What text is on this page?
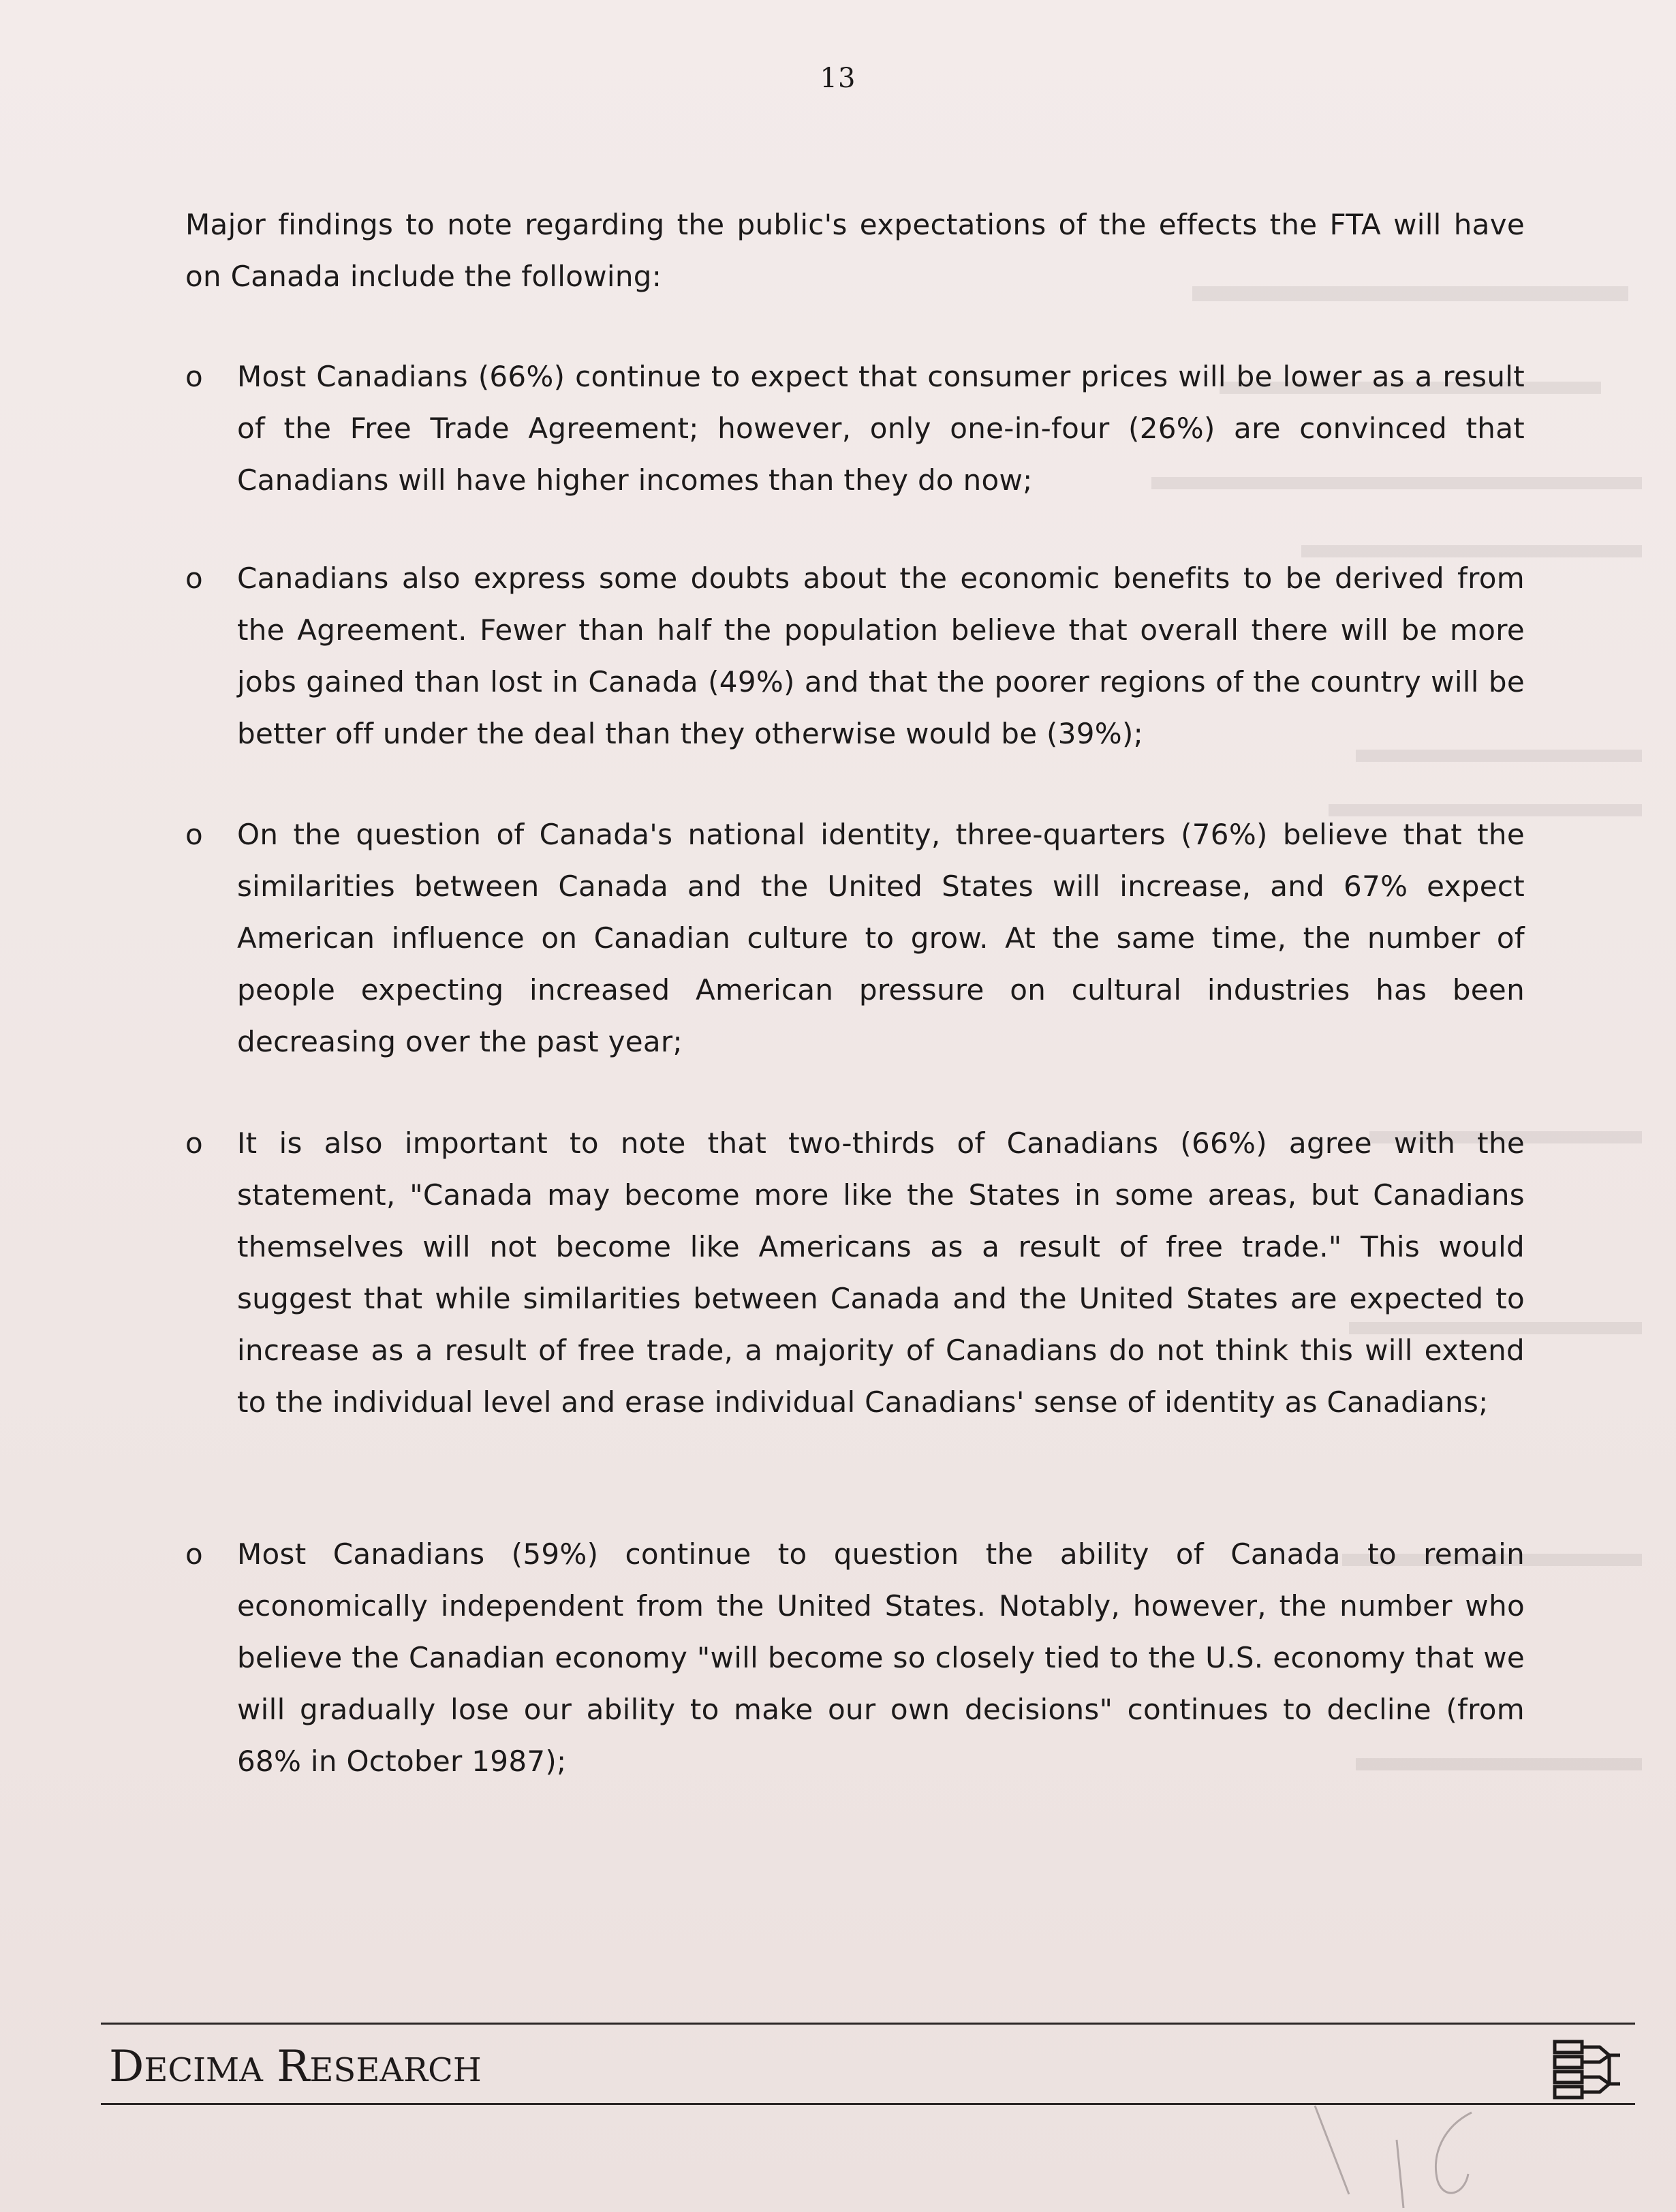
13

Major findings to note regarding the public's expectations of the effects the FTA will have on Canada include the following:

o	Most Canadians (66%) continue to expect that consumer prices will be lower as a result of the Free Trade Agreement; however, only one-in-four (26%) are convinced that Canadians will have higher incomes than they do now;

o	Canadians also express some doubts about the economic benefits to be derived from the Agreement. Fewer than half the population believe that overall there will be more jobs gained than lost in Canada (49%) and that the poorer regions of the country will be better off under the deal than they otherwise would be (39%);

o	On the question of Canada's national identity, three-quarters (76%) believe that the similarities between Canada and the United States will increase, and 67% expect American influence on Canadian culture to grow. At the same time, the number of people expecting increased American pressure on cultural industries has been decreasing over the past year;

o	It is also important to note that two-thirds of Canadians (66%) agree with the statement, "Canada may become more like the States in some areas, but Canadians themselves will not become like Americans as a result of free trade." This would suggest that while similarities between Canada and the United States are expected to increase as a result of free trade, a majority of Canadians do not think this will extend to the individual level and erase individual Canadians' sense of identity as Canadians;

o	Most Canadians (59%) continue to question the ability of Canada to remain economically independent from the United States. Notably, however, the number who believe the Canadian economy "will become so closely tied to the U.S. economy that we will gradually lose our ability to make our own decisions" continues to decline (from 68% in October 1987);

DECIMA RESEARCH
